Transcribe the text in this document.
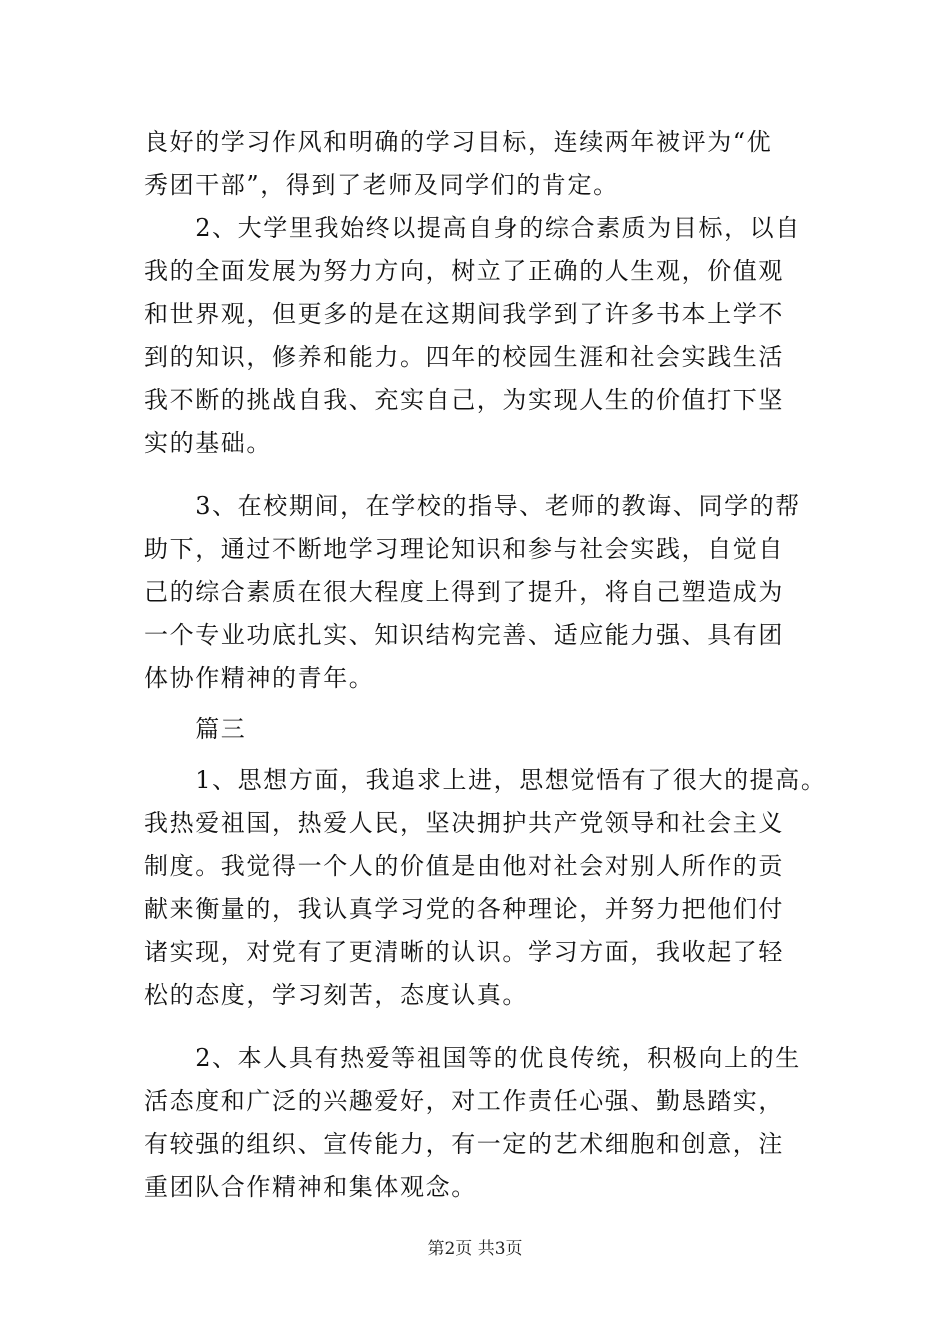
良好的学习作风和明确的学习目标，连续两年被评为“优
秀团干部”，得到了老师及同学们的肯定。
　　2、大学里我始终以提高自身的综合素质为目标，以自
我的全面发展为努力方向，树立了正确的人生观，价值观
和世界观，但更多的是在这期间我学到了许多书本上学不
到的知识，修养和能力。四年的校园生涯和社会实践生活
我不断的挑战自我、充实自己，为实现人生的价值打下坚
实的基础。
　　3、在校期间，在学校的指导、老师的教诲、同学的帮
助下，通过不断地学习理论知识和参与社会实践，自觉自
己的综合素质在很大程度上得到了提升，将自己塑造成为
一个专业功底扎实、知识结构完善、适应能力强、具有团
体协作精神的青年。
　　篇三
　　1、思想方面，我追求上进，思想觉悟有了很大的提高。
我热爱祖国，热爱人民，坚决拥护共产党领导和社会主义
制度。我觉得一个人的价值是由他对社会对别人所作的贡
献来衡量的，我认真学习党的各种理论，并努力把他们付
诸实现，对党有了更清晰的认识。学习方面，我收起了轻
松的态度，学习刻苦，态度认真。
　　2、本人具有热爱等祖国等的优良传统，积极向上的生
活态度和广泛的兴趣爱好，对工作责任心强、勤恳踏实，
有较强的组织、宣传能力，有一定的艺术细胞和创意，注
重团队合作精神和集体观念。
第2页 共3页
